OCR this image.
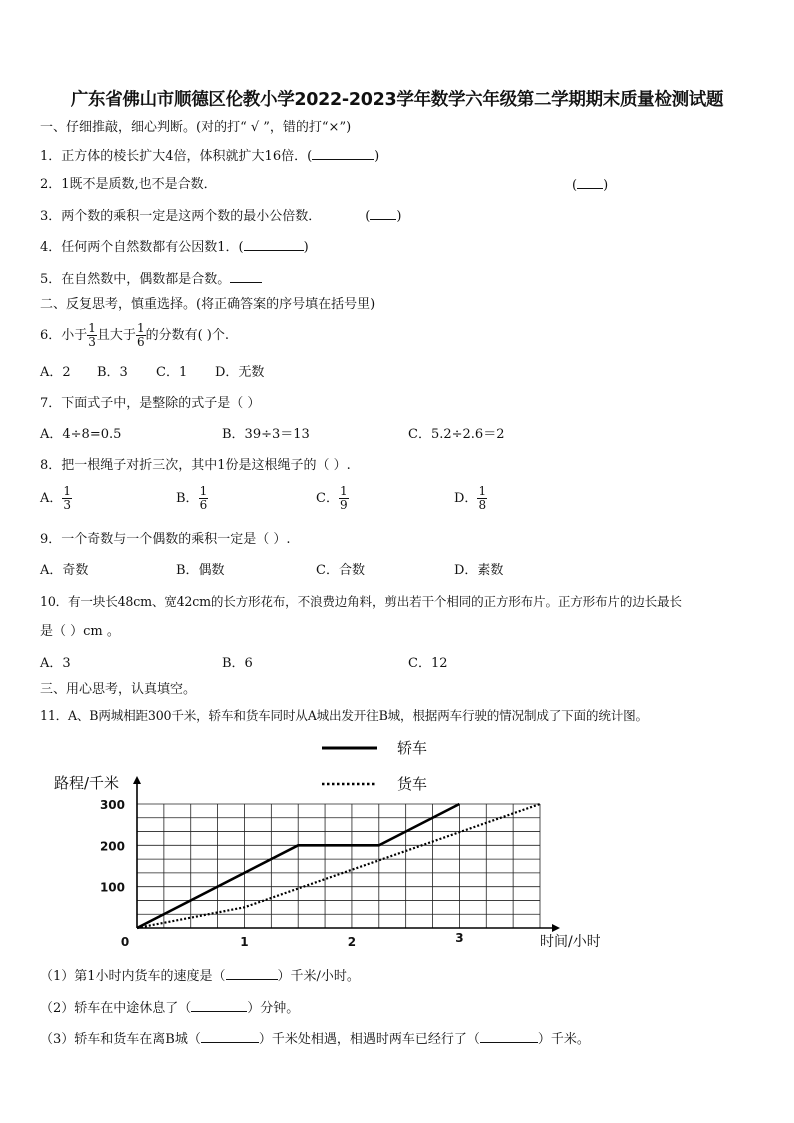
广东省佛山市顺德区伦教小学2022-2023学年数学六年级第二学期期末质量检测试题
一、仔细推敲，细心判断。(对的打“ √ ”，错的打“×”)
1．正方体的棱长扩大4倍，体积就扩大16倍．(	)
2．1既不是质数,也不是合数．	( )
3．两个数的乘积一定是这两个数的最小公倍数．	( )
4．任何两个自然数都有公因数1．(	)
5．在自然数中，偶数都是合数。
二、反复思考，慎重选择。(将正确答案的序号填在括号里)
6．小于 $\frac{1}{3}$ 且大于 $\frac{1}{6}$ 的分数有( )个.
A．2 B．3 C．1 D．无数
7．下面式子中，是整除的式子是（ ）
A．4÷8=0.5	B．39÷3＝13	C．5.2÷2.6＝2
8．把一根绳子对折三次，其中1份是这根绳子的（ ）.
A． $\frac{1}{3}$	B． $\frac{1}{6}$	C． $\frac{1}{9}$	D． $\frac{1}{8}$
9．一个奇数与一个偶数的乘积一定是（ ）.
A．奇数	B．偶数	C．合数	D．素数
10．有一块长48cm、宽42cm的长方形花布，不浪费边角料，剪出若干个相同的正方形布片。正方形布片的边长最长
是（ ）cm 。
A．3	B．6	C．12
三、用心思考，认真填空。
11．A、B两城相距300千米，轿车和货车同时从A城出发开往B城，根据两车行驶的情况制成了下面的统计图。
路程/千米
时间/小时
100
200
300
0	1	2	3
轿车
货车
（1）第1小时内货车的速度是（	）千米/小时。
（2）轿车在中途休息了（	）分钟。
（3）轿车和货车在离B城（	）千米处相遇，相遇时两车已经行了（	）千米。
